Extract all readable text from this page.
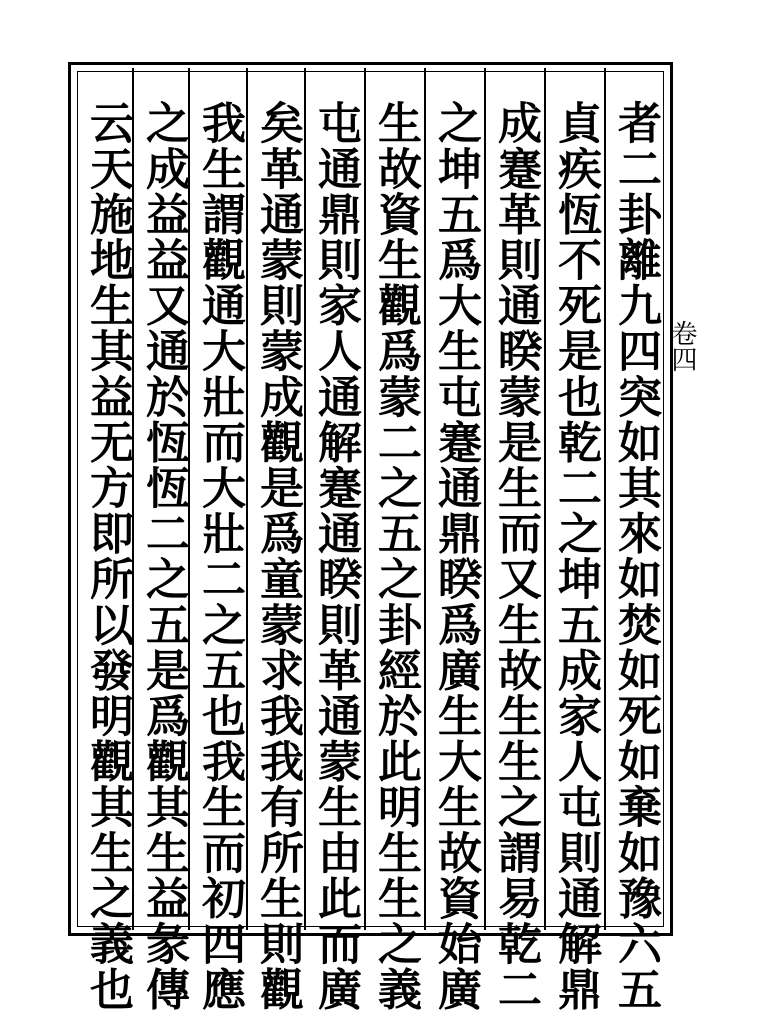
卷四
者二卦離九四突如其來如焚如死如棄如豫六五
貞疾恆不死是也乾二之坤五成家人屯則通解鼎
成蹇革則通睽蒙是生而又生故生生之謂易乾二
之坤五爲大生屯蹇通鼎睽爲廣生大生故資始廣
生故資生觀爲蒙二之五之卦經於此明生生之義
屯通鼎則家人通解蹇通睽則革通蒙生由此而廣
矣革通蒙則蒙成觀是爲童蒙求我我有所生則觀
我生謂觀通大壯而大壯二之五也我生而初四應
之成益益又通於恆恆二之五是爲觀其生益彖傳
云天施地生其益无方即所以發明觀其生之義也
